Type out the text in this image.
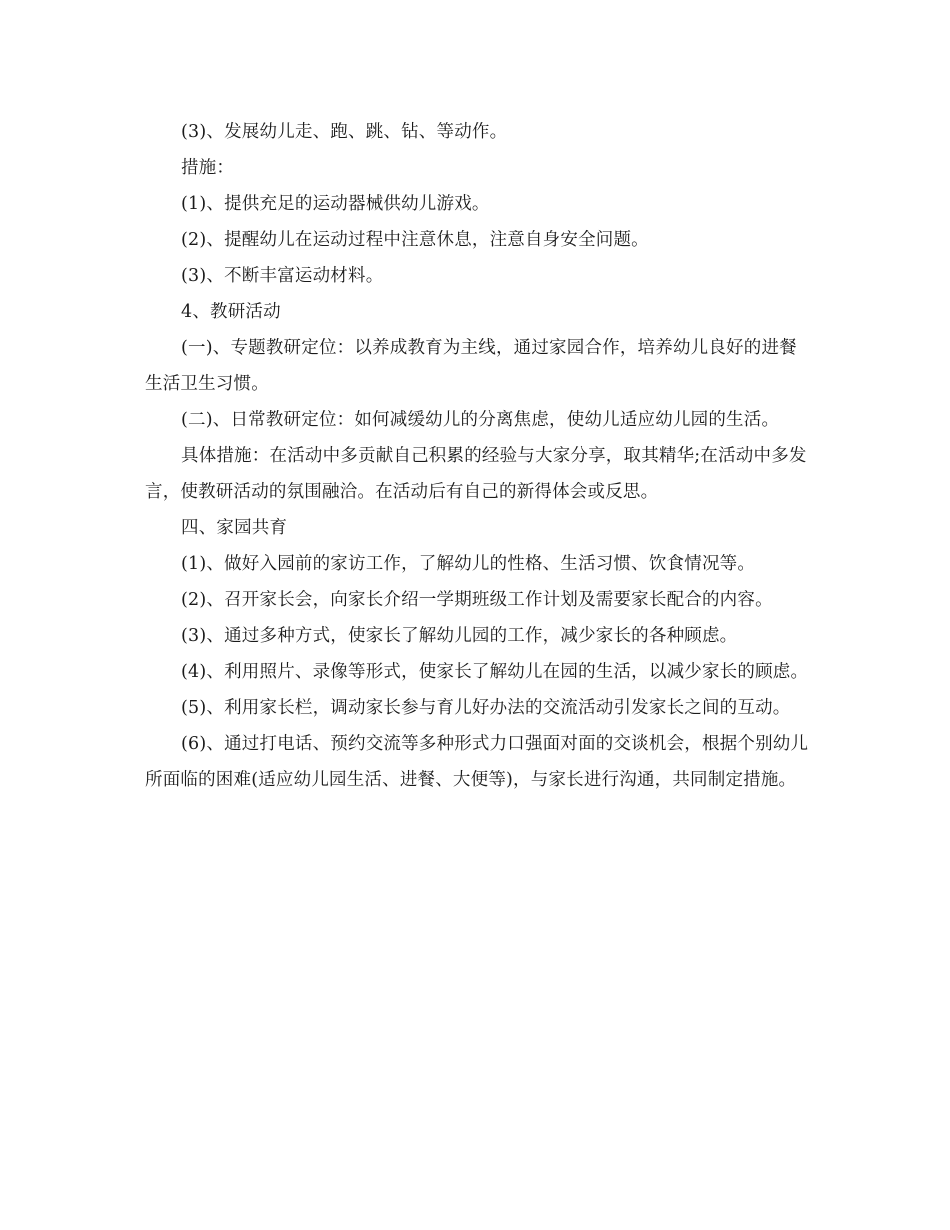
(3)、发展幼儿走、跑、跳、钻、等动作。

措施：

(1)、提供充足的运动器械供幼儿游戏。

(2)、提醒幼儿在运动过程中注意休息，注意自身安全问题。

(3)、不断丰富运动材料。

4、教研活动

(一)、专题教研定位：以养成教育为主线，通过家园合作，培养幼儿良好的进餐生活卫生习惯。

(二)、日常教研定位：如何减缓幼儿的分离焦虑，使幼儿适应幼儿园的生活。

具体措施：在活动中多贡献自己积累的经验与大家分享，取其精华;在活动中多发言，使教研活动的氛围融洽。在活动后有自己的新得体会或反思。

四、家园共育

(1)、做好入园前的家访工作，了解幼儿的性格、生活习惯、饮食情况等。

(2)、召开家长会，向家长介绍一学期班级工作计划及需要家长配合的内容。

(3)、通过多种方式，使家长了解幼儿园的工作，减少家长的各种顾虑。

(4)、利用照片、录像等形式，使家长了解幼儿在园的生活，以减少家长的顾虑。

(5)、利用家长栏，调动家长参与育儿好办法的交流活动引发家长之间的互动。

(6)、通过打电话、预约交流等多种形式力口强面对面的交谈机会，根据个别幼儿所面临的困难(适应幼儿园生活、进餐、大便等)，与家长进行沟通，共同制定措施。
